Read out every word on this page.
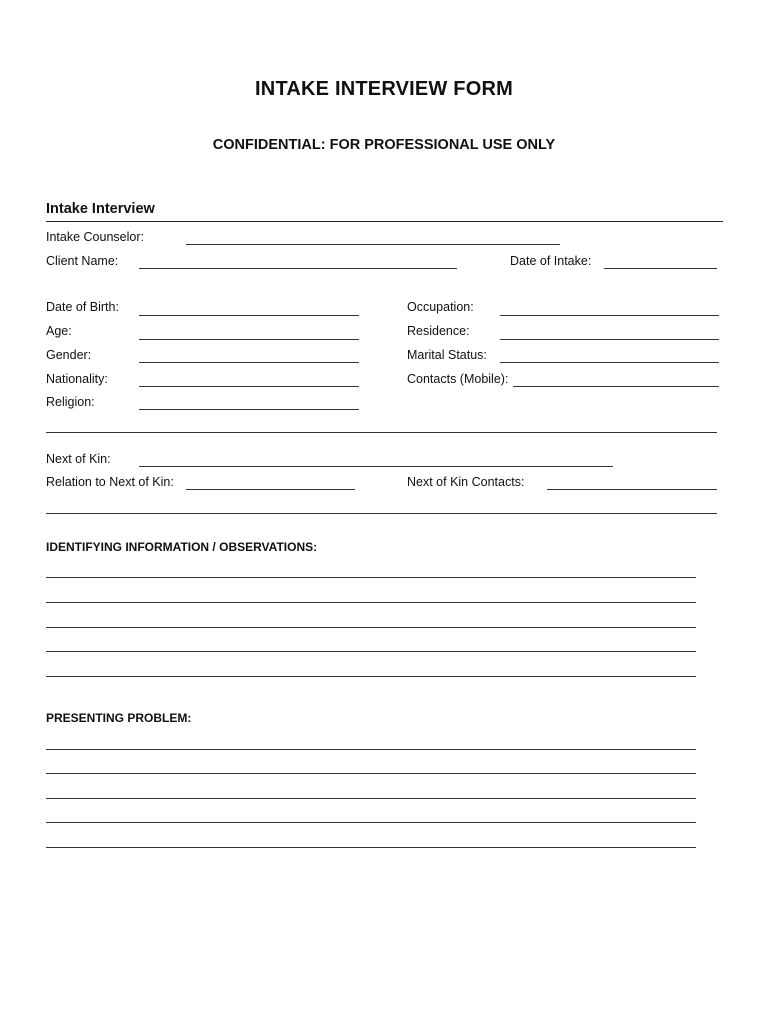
INTAKE INTERVIEW FORM
CONFIDENTIAL: FOR PROFESSIONAL USE ONLY
Intake Interview
Intake Counselor:
Client Name:	Date of Intake:
Date of Birth:
Age:
Gender:
Nationality:
Religion:
Occupation:
Residence:
Marital Status:
Contacts (Mobile):
Next of Kin:
Relation to Next of Kin:	Next of Kin Contacts:
IDENTIFYING INFORMATION / OBSERVATIONS:
PRESENTING PROBLEM:
